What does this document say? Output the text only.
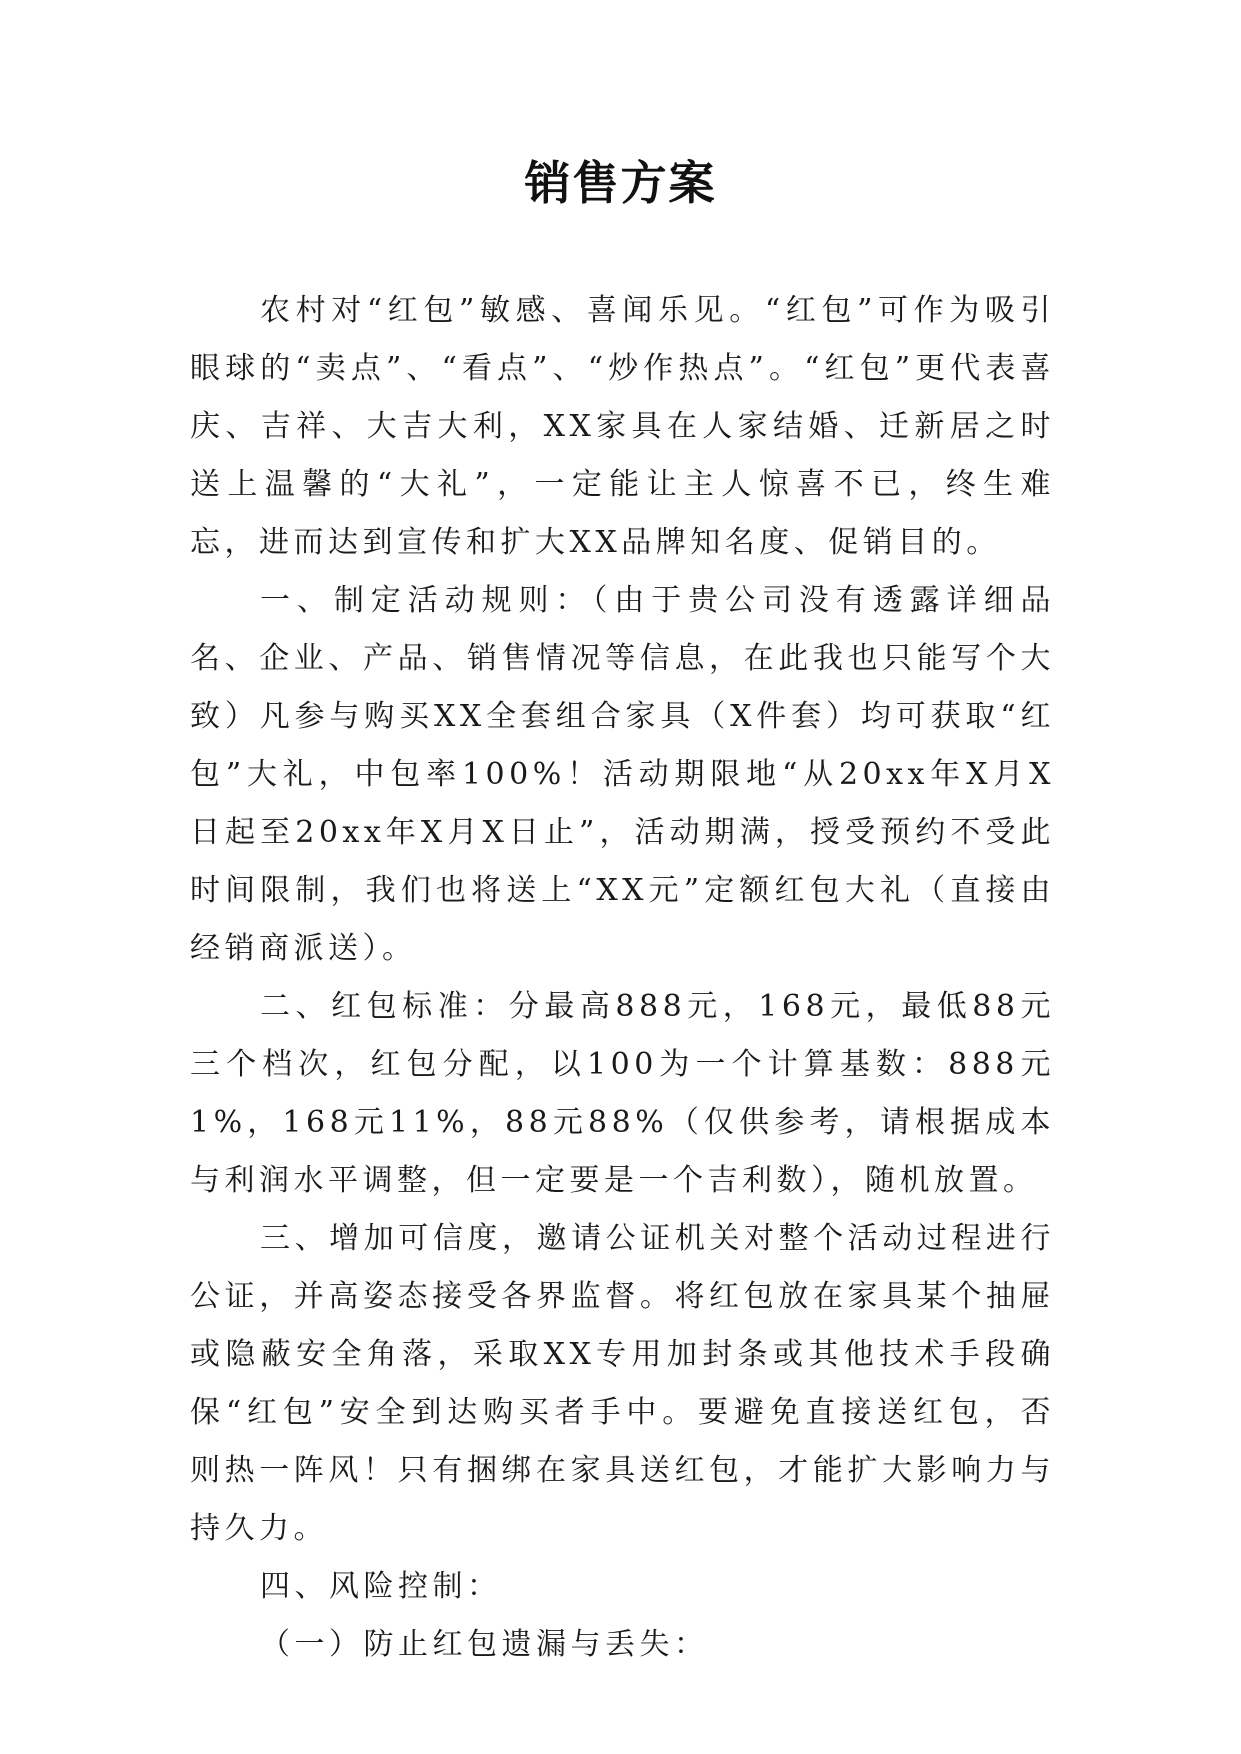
销售方案

农村对“红包”敏感、喜闻乐见。“红包”可作为吸引眼球的“卖点”、“看点”、“炒作热点”。“红包”更代表喜庆、吉祥、大吉大利，XX家具在人家结婚、迁新居之时送上温馨的“大礼”，一定能让主人惊喜不已，终生难忘，进而达到宣传和扩大XX品牌知名度、促销目的。

一、制定活动规则：（由于贵公司没有透露详细品名、企业、产品、销售情况等信息，在此我也只能写个大致）凡参与购买XX全套组合家具（X件套）均可获取“红包”大礼，中包率100%！活动期限地“从20xx年X月X日起至20xx年X月X日止”，活动期满，授受预约不受此时间限制，我们也将送上“XX元”定额红包大礼（直接由经销商派送）。

二、红包标准：分最高888元，168元，最低88元三个档次，红包分配，以100为一个计算基数：888元1%，168元11%，88元88%（仅供参考，请根据成本与利润水平调整，但一定要是一个吉利数），随机放置。

三、增加可信度，邀请公证机关对整个活动过程进行公证，并高姿态接受各界监督。将红包放在家具某个抽屉或隐蔽安全角落，采取XX专用加封条或其他技术手段确保“红包”安全到达购买者手中。要避免直接送红包，否则热一阵风！只有捆绑在家具送红包，才能扩大影响力与持久力。

四、风险控制：

（一）防止红包遗漏与丢失：
